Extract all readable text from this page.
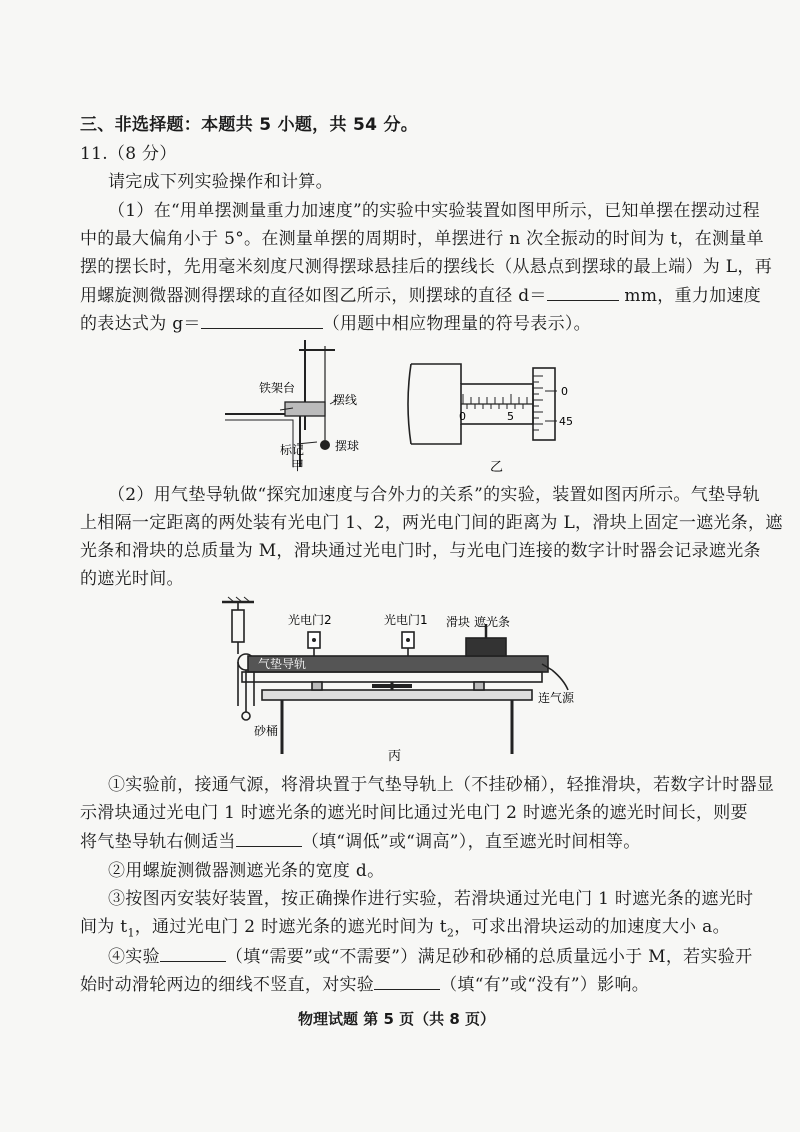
三、非选择题：本题共 5 小题，共 54 分。
11.（8 分）
请完成下列实验操作和计算。
（1）在“用单摆测量重力加速度”的实验中实验装置如图甲所示，已知单摆在摆动过程
中的最大偏角小于 5°。在测量单摆的周期时，单摆进行 n 次全振动的时间为 t，在测量单
摆的摆长时，先用毫米刻度尺测得摆球悬挂后的摆线长（从悬点到摆球的最上端）为 L，再
用螺旋测微器测得摆球的直径如图乙所示，则摆球的直径 d＝	mm，重力加速度
的表达式为 g＝	（用题中相应物理量的符号表示）。
铁架台
摆线
标记	摆球
甲
0	5
0
45
乙
（2）用气垫导轨做“探究加速度与合外力的关系”的实验，装置如图丙所示。气垫导轨
上相隔一定距离的两处装有光电门 1、2，两光电门间的距离为 L，滑块上固定一遮光条，遮
光条和滑块的总质量为 M，滑块通过光电门时，与光电门连接的数字计时器会记录遮光条
的遮光时间。
光电门2	光电门1 滑块 遮光条
气垫导轨
连气源
砂桶
丙
①实验前，接通气源，将滑块置于气垫导轨上（不挂砂桶），轻推滑块，若数字计时器显
示滑块通过光电门 1 时遮光条的遮光时间比通过光电门 2 时遮光条的遮光时间长，则要
将气垫导轨右侧适当	（填“调低”或“调高”），直至遮光时间相等。
②用螺旋测微器测遮光条的宽度 d。
③按图丙安装好装置，按正确操作进行实验，若滑块通过光电门 1 时遮光条的遮光时
间为 $t_1$，通过光电门 2 时遮光条的遮光时间为 $t_2$，可求出滑块运动的加速度大小 a。
④实验	（填“需要”或“不需要”）满足砂和砂桶的总质量远小于 M，若实验开
始时动滑轮两边的细线不竖直，对实验	（填“有”或“没有”）影响。
物理试题 第 5 页（共 8 页）
